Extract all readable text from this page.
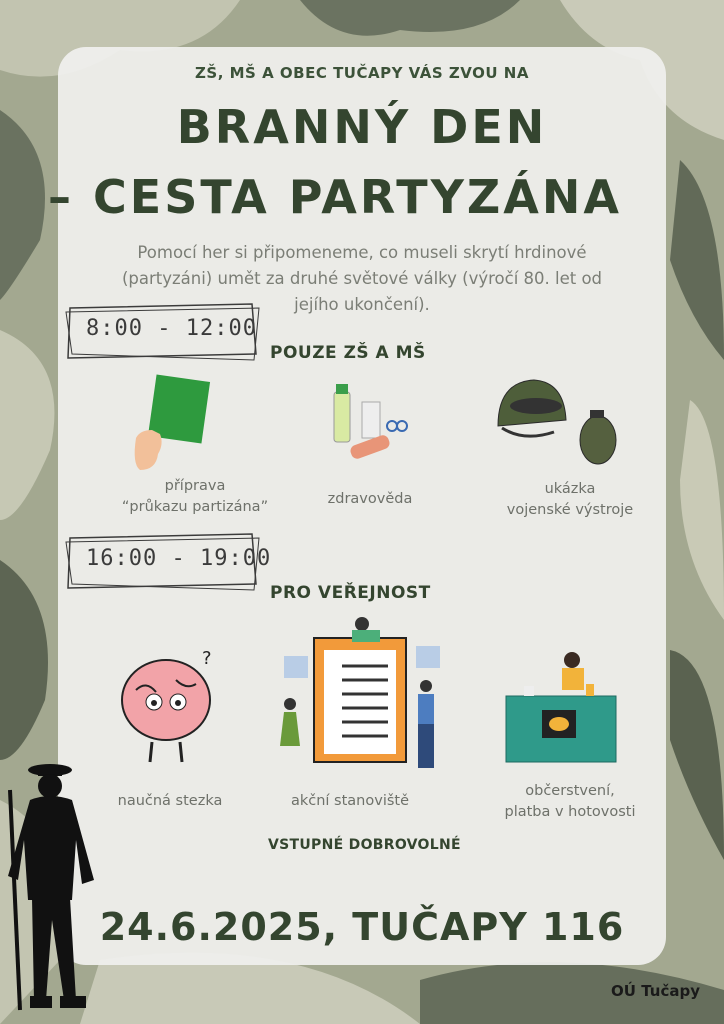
ZŠ, MŠ A OBEC TUČAPY VÁS ZVOU NA
BRANNÝ DEN
– CESTA PARTYZÁNA
Pomocí her si připomeneme, co museli skrytí hrdinové (partyzáni) umět za druhé světové války (výročí 80. let od jejího ukončení).
8:00 - 12:00
POUZE ZŠ A MŠ
příprava
“průkazu partizána”	zdravověda
ukázka
vojenské výstroje
16:00 - 19:00
PRO VEŘEJNOST
?
naučná stezka	akční stanoviště
občerstvení,
platba v hotovosti
VSTUPNÉ DOBROVOLNÉ
24.6.2025, TUČAPY 116
OÚ Tučapy
